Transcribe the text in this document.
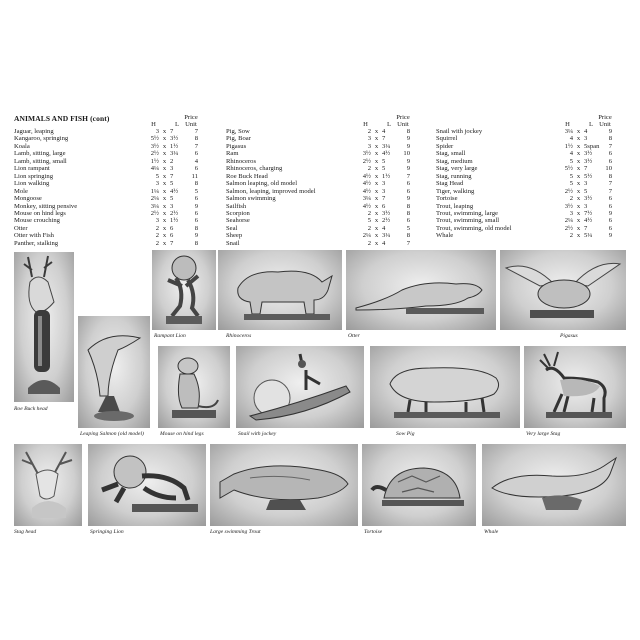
ANIMALS AND FISH (cont)
H	L
Price
Unit
Jaguar, leaping	3 x 7	7
Kangaroo, springing	5½ x 3½	8
Koala	3½ x 1½	7
Lamb, sitting, large	2½ x 3¼	6
Lamb, sitting, small	1½ x 2	4
Lion rampant	4¼ x 3	6
Lion springing	5 x 7	11
Lion walking	3 x 5	8
Mole	1¼ x 4½	5
Mongoose	2¼ x 5	6
Monkey, sitting pensive	3¼ x 3	9
Mouse on hind legs	2½ x 2½	6
Mouse crouching	3 x 1½	6
Otter	2 x 6	8
Otter with Fish	2 x 6	9
Panther, stalking	2 x 7	8
H	L
Price
Unit
Pig, Sow	2 x 4	8
Pig, Boar	3 x 7	9
Pigasus	3 x 3¼	9
Ram	3½ x 4½	10
Rhinoceros	2½ x 5	9
Rhinoceros, charging	2 x 5	9
Roe Buck Head	4½ x 1½	7
Salmon leaping, old model	4½ x 3	6
Salmon, leaping, improved model	4½ x 3	6
Salmon swimming	3¼ x 7	9
Sailfish	4½ x 6	8
Scorpion	2 x 3½	8
Seahorse	5 x 2½	6
Seal	2 x 4	5
Sheep	2¼ x 3¼	8
Snail	2 x 4	7
H	L
Price
Unit
Snail with jockey	3¼ x 4	9
Squirrel	4 x 3	8
Spider	1½ x 5span	7
Stag, small	4 x 3½	6
Stag, medium	5 x 3½	6
Stag, very large	5½ x 7	10
Stag, running	5 x 5½	8
Stag Head	5 x 3	7
Tiger, walking	2½ x 5	7
Tortoise	2 x 3½	6
Trout, leaping	3½ x 3	6
Trout, swimming, large	3 x 7½	9
Trout, swimming, small	2¼ x 4½	6
Trout, swimming, old model	2½ x 7	6
Whale	2 x 5¼	9
Roe Buck head
Leaping Salmon (old model)
Rampant Lion	Rhinoceros	Otter	Pigasus
Mouse on hind legs	Snail with jockey	Sow Pig	Very large Stag
Stag head	Springing Lion	Large swimming Trout	Tortoise	Whale
